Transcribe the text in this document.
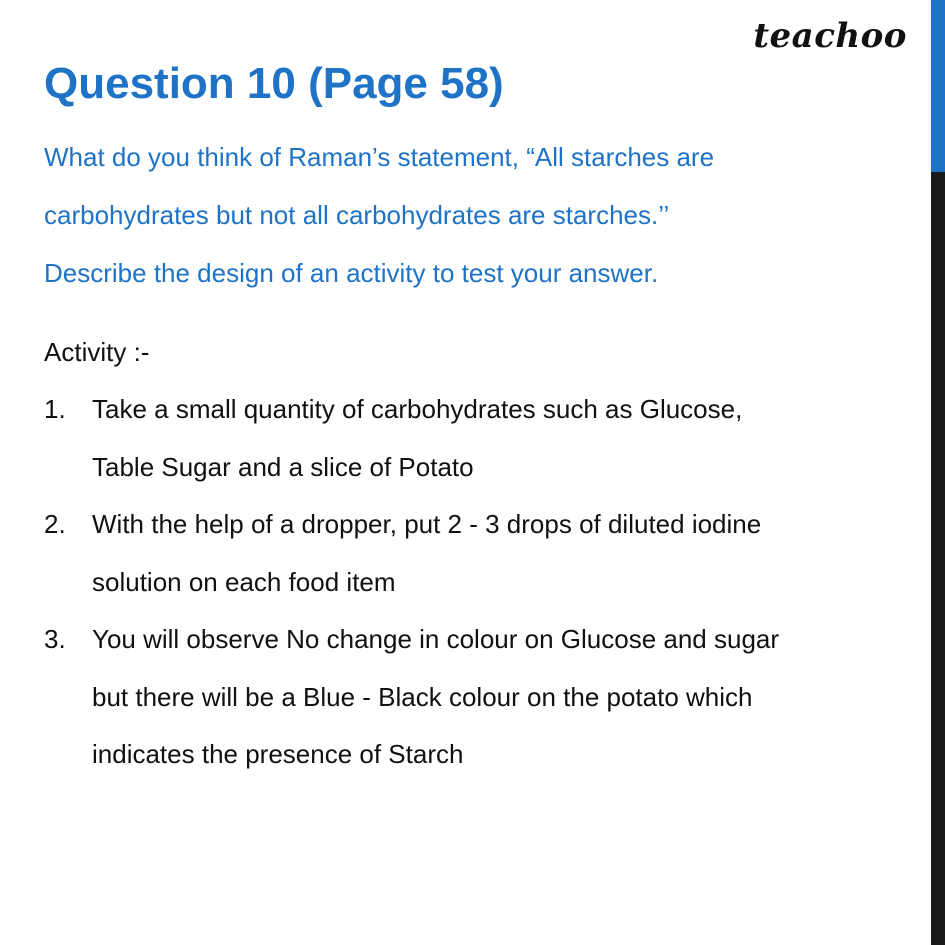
teachoo
Question 10 (Page 58)
What do you think of Raman’s statement, “All starches are
carbohydrates but not all carbohydrates are starches.’’
Describe the design of an activity to test your answer.
Activity :-
1. Take a small quantity of carbohydrates such as Glucose,
Table Sugar and a slice of Potato
2. With the help of a dropper, put 2 - 3 drops of diluted iodine
solution on each food item
3. You will observe No change in colour on Glucose and sugar
but there will be a Blue - Black colour on the potato which
indicates the presence of Starch
